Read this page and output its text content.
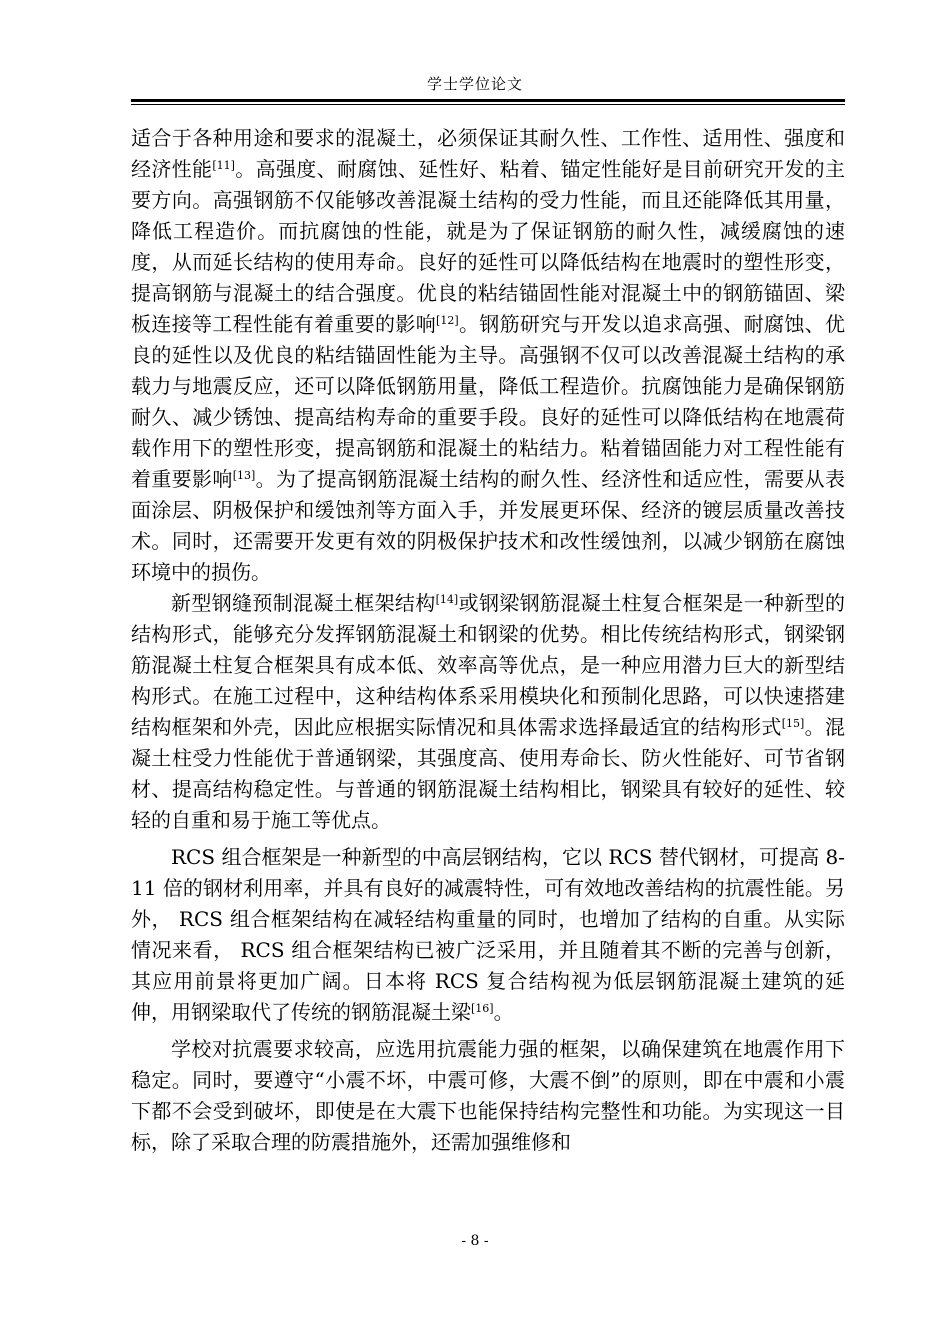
学士学位论文

适合于各种用途和要求的混凝土，必须保证其耐久性、工作性、适用性、强度和经济性能[11]。高强度、耐腐蚀、延性好、粘着、锚定性能好是目前研究开发的主要方向。高强钢筋不仅能够改善混凝土结构的受力性能，而且还能降低其用量，降低工程造价。而抗腐蚀的性能，就是为了保证钢筋的耐久性，减缓腐蚀的速度，从而延长结构的使用寿命。良好的延性可以降低结构在地震时的塑性形变，提高钢筋与混凝土的结合强度。优良的粘结锚固性能对混凝土中的钢筋锚固、梁板连接等工程性能有着重要的影响[12]。钢筋研究与开发以追求高强、耐腐蚀、优良的延性以及优良的粘结锚固性能为主导。高强钢不仅可以改善混凝土结构的承载力与地震反应，还可以降低钢筋用量，降低工程造价。抗腐蚀能力是确保钢筋耐久、减少锈蚀、提高结构寿命的重要手段。良好的延性可以降低结构在地震荷载作用下的塑性形变，提高钢筋和混凝土的粘结力。粘着锚固能力对工程性能有着重要影响[13]。为了提高钢筋混凝土结构的耐久性、经济性和适应性，需要从表面涂层、阴极保护和缓蚀剂等方面入手，并发展更环保、经济的镀层质量改善技术。同时，还需要开发更有效的阴极保护技术和改性缓蚀剂，以减少钢筋在腐蚀环境中的损伤。

新型钢缝预制混凝土框架结构[14]或钢梁钢筋混凝土柱复合框架是一种新型的结构形式，能够充分发挥钢筋混凝土和钢梁的优势。相比传统结构形式，钢梁钢筋混凝土柱复合框架具有成本低、效率高等优点，是一种应用潜力巨大的新型结构形式。在施工过程中，这种结构体系采用模块化和预制化思路，可以快速搭建结构框架和外壳，因此应根据实际情况和具体需求选择最适宜的结构形式[15]。混凝土柱受力性能优于普通钢梁，其强度高、使用寿命长、防火性能好、可节省钢材、提高结构稳定性。与普通的钢筋混凝土结构相比，钢梁具有较好的延性、较轻的自重和易于施工等优点。

RCS 组合框架是一种新型的中高层钢结构，它以 RCS 替代钢材，可提高 8-11 倍的钢材利用率，并具有良好的减震特性，可有效地改善结构的抗震性能。另外， RCS 组合框架结构在减轻结构重量的同时，也增加了结构的自重。从实际情况来看， RCS 组合框架结构已被广泛采用，并且随着其不断的完善与创新，其应用前景将更加广阔。日本将 RCS 复合结构视为低层钢筋混凝土建筑的延伸，用钢梁取代了传统的钢筋混凝土梁[16]。

学校对抗震要求较高，应选用抗震能力强的框架，以确保建筑在地震作用下稳定。同时，要遵守“小震不坏，中震可修，大震不倒”的原则，即在中震和小震下都不会受到破坏，即使是在大震下也能保持结构完整性和功能。为实现这一目标，除了采取合理的防震措施外，还需加强维修和

- 8 -
